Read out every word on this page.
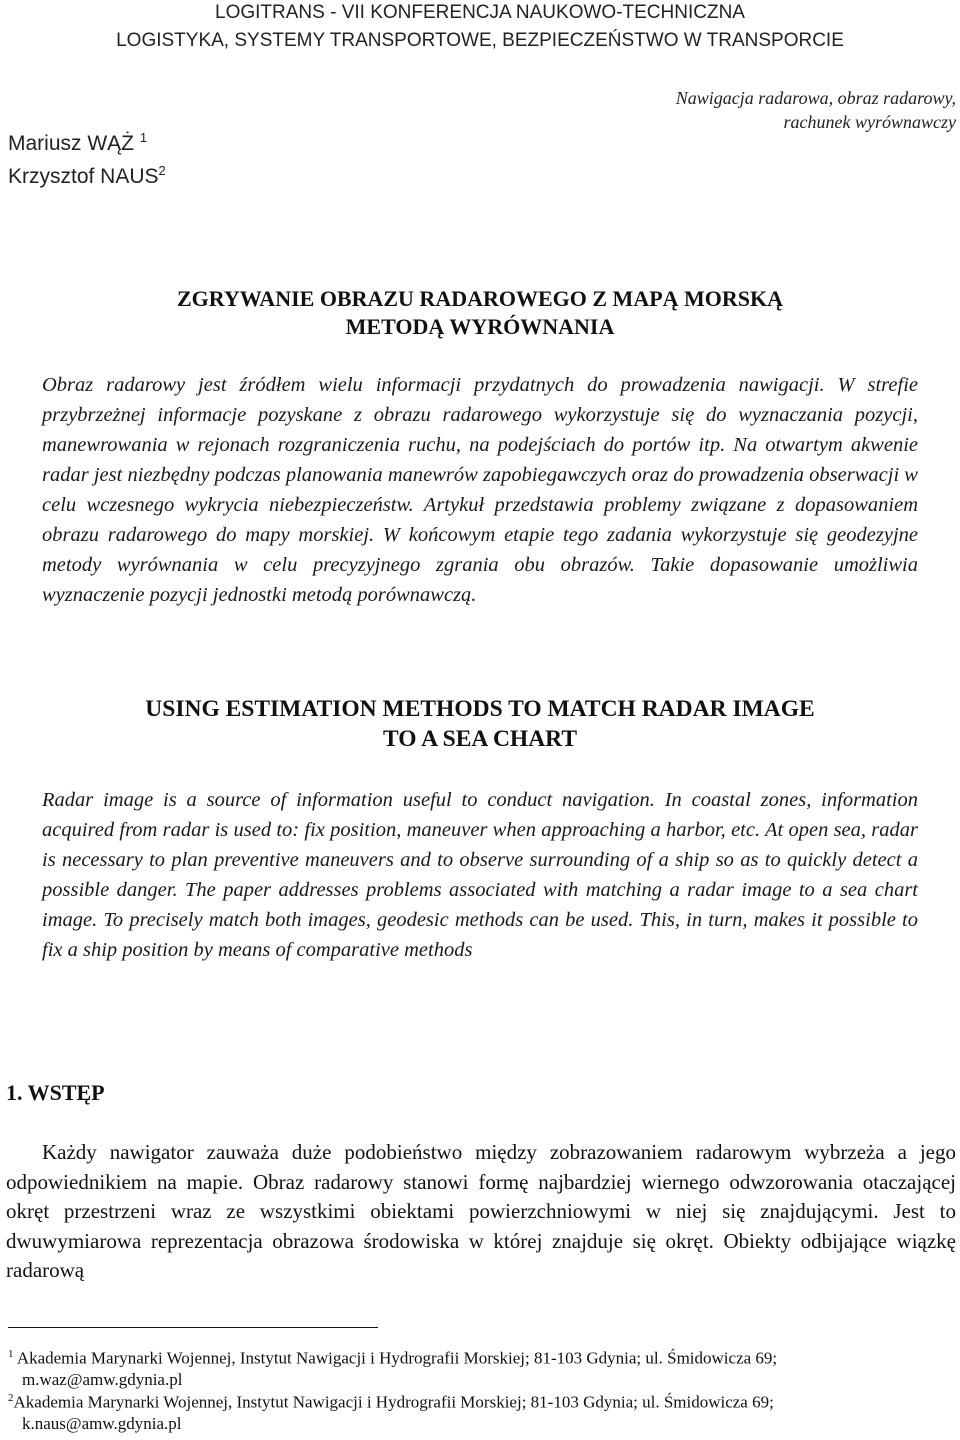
LOGITRANS - VII KONFERENCJA NAUKOWO-TECHNICZNA
LOGISTYKA, SYSTEMY TRANSPORTOWE, BEZPIECZEŃSTWO W TRANSPORCIE
Nawigacja radarowa, obraz radarowy,
rachunek wyrównawczy
Mariusz WĄŻ $^1$
Krzysztof NAUS$^2$
ZGRYWANIE OBRAZU RADAROWEGO Z MAPĄ MORSKĄ
METODĄ WYRÓWNANIA
Obraz radarowy jest źródłem wielu informacji przydatnych do prowadzenia nawigacji. W strefie przybrzeżnej informacje pozyskane z obrazu radarowego wykorzystuje się do wyznaczania pozycji, manewrowania w rejonach rozgraniczenia ruchu, na podejściach do portów itp. Na otwartym akwenie radar jest niezbędny podczas planowania manewrów zapobiegawczych oraz do prowadzenia obserwacji w celu wczesnego wykrycia niebezpieczeństw. Artykuł przedstawia problemy związane z dopasowaniem obrazu radarowego do mapy morskiej. W końcowym etapie tego zadania wykorzystuje się geodezyjne metody wyrównania w celu precyzyjnego zgrania obu obrazów. Takie dopasowanie umożliwia wyznaczenie pozycji jednostki metodą porównawczą.
USING ESTIMATION METHODS TO MATCH RADAR IMAGE
TO A SEA CHART
Radar image is a source of information useful to conduct navigation. In coastal zones, information acquired from radar is used to: fix position, maneuver when approaching a harbor, etc. At open sea, radar is necessary to plan preventive maneuvers and to observe surrounding of a ship so as to quickly detect a possible danger. The paper addresses problems associated with matching a radar image to a sea chart image. To precisely match both images, geodesic methods can be used. This, in turn, makes it possible to fix a ship position by means of comparative methods
1. WSTĘP
Każdy nawigator zauważa duże podobieństwo między zobrazowaniem radarowym wybrzeża a jego odpowiednikiem na mapie. Obraz radarowy stanowi formę najbardziej wiernego odwzorowania otaczającej okręt przestrzeni wraz ze wszystkimi obiektami powierzchniowymi w niej się znajdującymi. Jest to dwuwymiarowa reprezentacja obrazowa środowiska w której znajduje się okręt. Obiekty odbijające wiązkę radarową
$^1$ Akademia Marynarki Wojennej, Instytut Nawigacji i Hydrografii Morskiej; 81-103 Gdynia; ul. Śmidowicza 69;
m.waz@amw.gdynia.pl
$^2$Akademia Marynarki Wojennej, Instytut Nawigacji i Hydrografii Morskiej; 81-103 Gdynia; ul. Śmidowicza 69;
k.naus@amw.gdynia.pl
